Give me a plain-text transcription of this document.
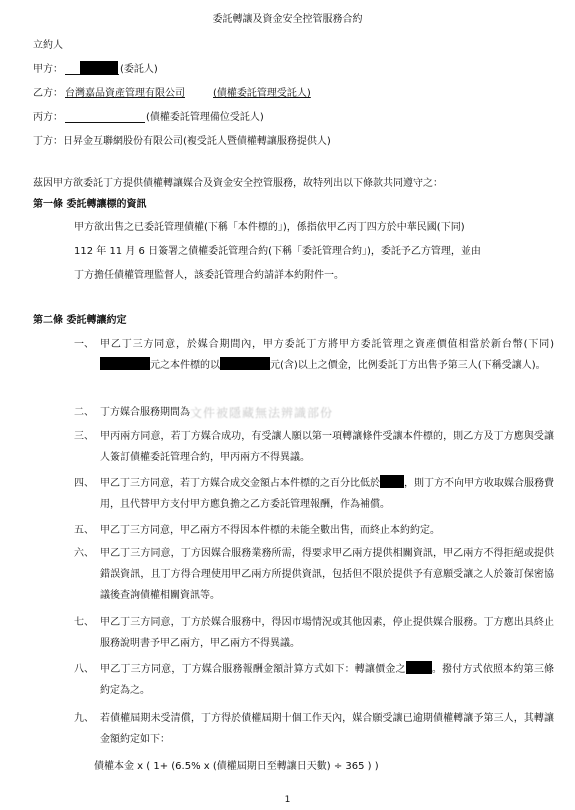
委託轉讓及資金安全控管服務合約
立約人
甲方：	(委託人)
乙方： 台灣嘉品資產管理有限公司	(債權委託管理受託人)
丙方：	(債權委託管理備位受託人)
丁方：日昇金互聯網股份有限公司(複受託人暨債權轉讓服務提供人)
茲因甲方欲委託丁方提供債權轉讓媒合及資金安全控管服務，故特列出以下條款共同遵守之：
第一條 委託轉讓標的資訊
甲方欲出售之已委託管理債權(下稱「本件標的」)，係指依甲乙丙丁四方於中華民國(下同)
112 年 11 月 6 日簽署之債權委託管理合約(下稱「委託管理合約」)，委託予乙方管理，並由
丁方擔任債權管理監督人，該委託管理合約請詳本約附件一。
第二條 委託轉讓約定
一、 甲乙丁三方同意，於媒合期間內，甲方委託丁方將甲方委託管理之資產價值相當於新台幣(下同)元之本件標的以	元(含)以上之價金，比例委託丁方出售予第三人(下稱受讓人)。
二、 丁方媒合服務期間為文件被隱藏無法辨識部份
三、 甲丙兩方同意，若丁方媒合成功，有受讓人願以第一項轉讓條件受讓本件標的，則乙方及丁方應與受讓人簽訂債權委託管理合約，甲丙兩方不得異議。
四、 甲乙丁三方同意，若丁方媒合成交金額占本件標的之百分比低於 ，則丁方不向甲方收取媒合服務費用，且代替甲方支付甲方應負擔之乙方委託管理報酬，作為補償。
五、 甲乙丁三方同意，甲乙兩方不得因本件標的未能全數出售，而終止本約約定。
六、 甲乙丁三方同意，丁方因媒合服務業務所需，得要求甲乙兩方提供相關資訊，甲乙兩方不得拒絕或提供錯誤資訊，且丁方得合理使用甲乙兩方所提供資訊，包括但不限於提供予有意願受讓之人於簽訂保密協議後查詢債權相關資訊等。
七、 甲乙丁三方同意，丁方於媒合服務中，得因市場情況或其他因素，停止提供媒合服務。丁方應出具終止服務說明書予甲乙兩方，甲乙兩方不得異議。
八、 甲乙丁三方同意，丁方媒合服務報酬金額計算方式如下：轉讓價金之	。撥付方式依照本約第三條約定為之。
九、 若債權屆期未受清償，丁方得於債權屆期十個工作天內，媒合願受讓已逾期債權轉讓予第三人，其轉讓金額約定如下：
債權本金 x ( 1+ (6.5% x (債權屆期日至轉讓日天數) ÷ 365 ) )
1
